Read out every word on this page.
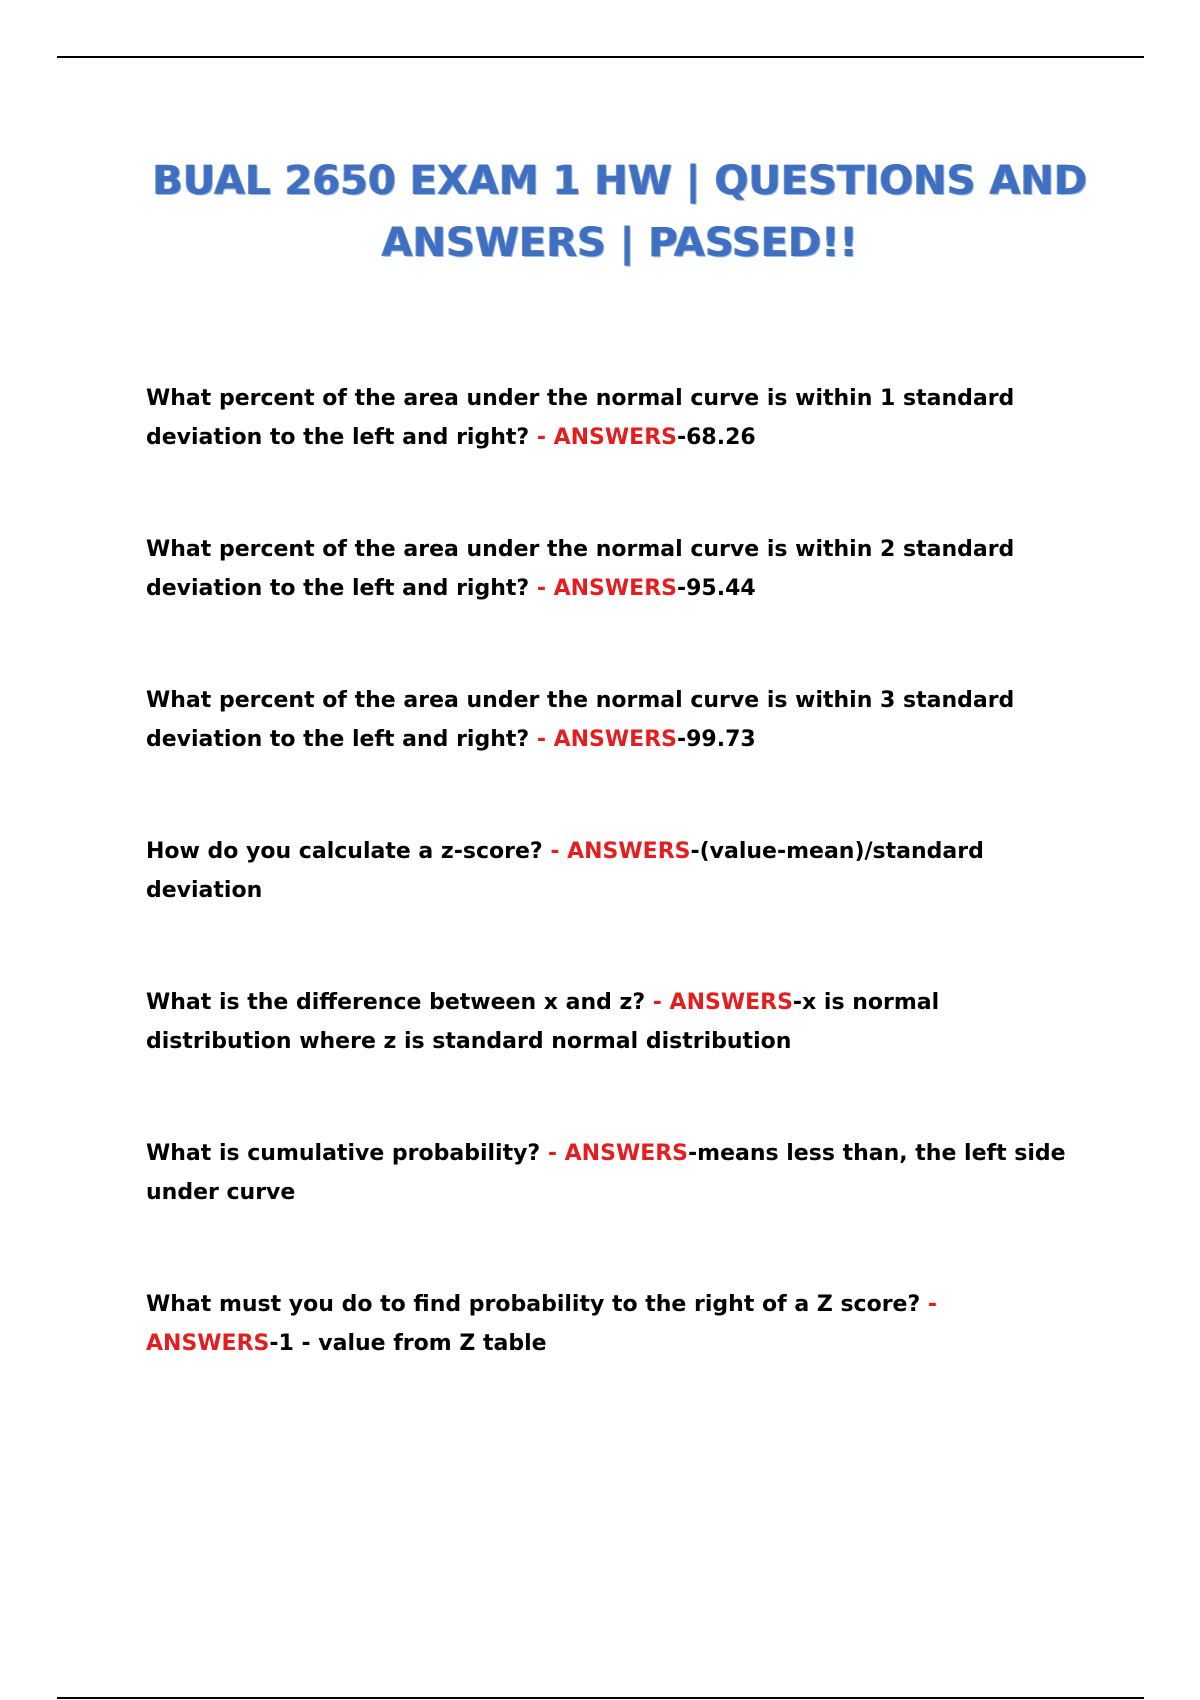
BUAL 2650 EXAM 1 HW | QUESTIONS AND ANSWERS | PASSED!!

What percent of the area under the normal curve is within 1 standard deviation to the left and right? - ANSWERS-68.26

What percent of the area under the normal curve is within 2 standard deviation to the left and right? - ANSWERS-95.44

What percent of the area under the normal curve is within 3 standard deviation to the left and right? - ANSWERS-99.73

How do you calculate a z-score? - ANSWERS-(value-mean)/standard deviation

What is the difference between x and z? - ANSWERS-x is normal distribution where z is standard normal distribution

What is cumulative probability? - ANSWERS-means less than, the left side under curve

What must you do to find probability to the right of a Z score? - ANSWERS-1 - value from Z table
